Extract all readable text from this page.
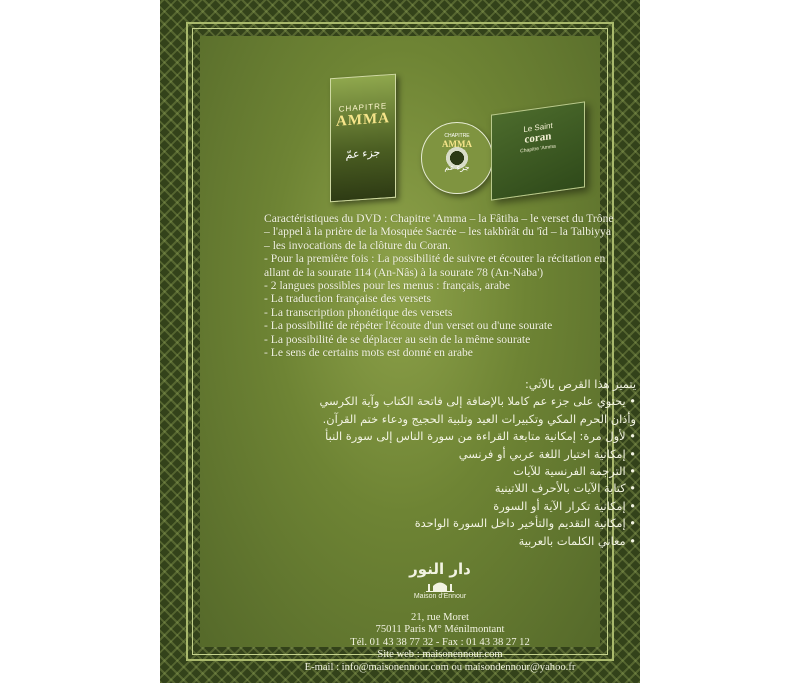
CHAPITRE
AMMA
جزء عمّ
CHAPITRE
AMMA
جزء عم
Le Saint
coran
Chapitre 'Amma

Caractéristiques du DVD : Chapitre 'Amma – la Fâtiha – le verset du Trône

– l'appel à la prière de la Mosquée Sacrée – les takbîrât du 'îd – la Talbiyya

– les invocations de la clôture du Coran.

- Pour la première fois : La possibilité de suivre et écouter la récitation en

allant de la sourate 114 (An-Nâs) à la sourate 78 (An-Naba')

- 2 langues possibles pour les menus : français, arabe

- La traduction française des versets

- La transcription phonétique des versets

- La possibilité de répéter l'écoute d'un verset ou d'une sourate

- La possibilité de se déplacer au sein de la même sourate

- Le sens de certains mots est donné en arabe

يتميز هذا القرص بالآتي:

• يحتوي على جزء عم كاملا بالإضافة إلى فاتحة الكتاب وآية الكرسي

وأذان الحرم المكي وتكبيرات العيد وتلبية الحجيج ودعاء ختم القرآن.

• لأول مرة: إمكانية متابعة القراءة من سورة الناس إلى سورة النبأ

• إمكانية اختيار اللغة عربي أو فرنسي

• الترجمة الفرنسية للآيات

• كتابة الآيات بالأحرف اللاتينية

• إمكانية تكرار الآية أو السورة

• إمكانية التقديم والتأخير داخل السورة الواحدة

• معاني الكلمات بالعربية

دار النور
Maison d'Ennour

21, rue Moret

75011 Paris M° Ménilmontant

Tél. 01 43 38 77 32 - Fax : 01 43 38 27 12

Site web : maisonennour.com

E-mail : info@maisonennour.com ou maisondennour@yahoo.fr
